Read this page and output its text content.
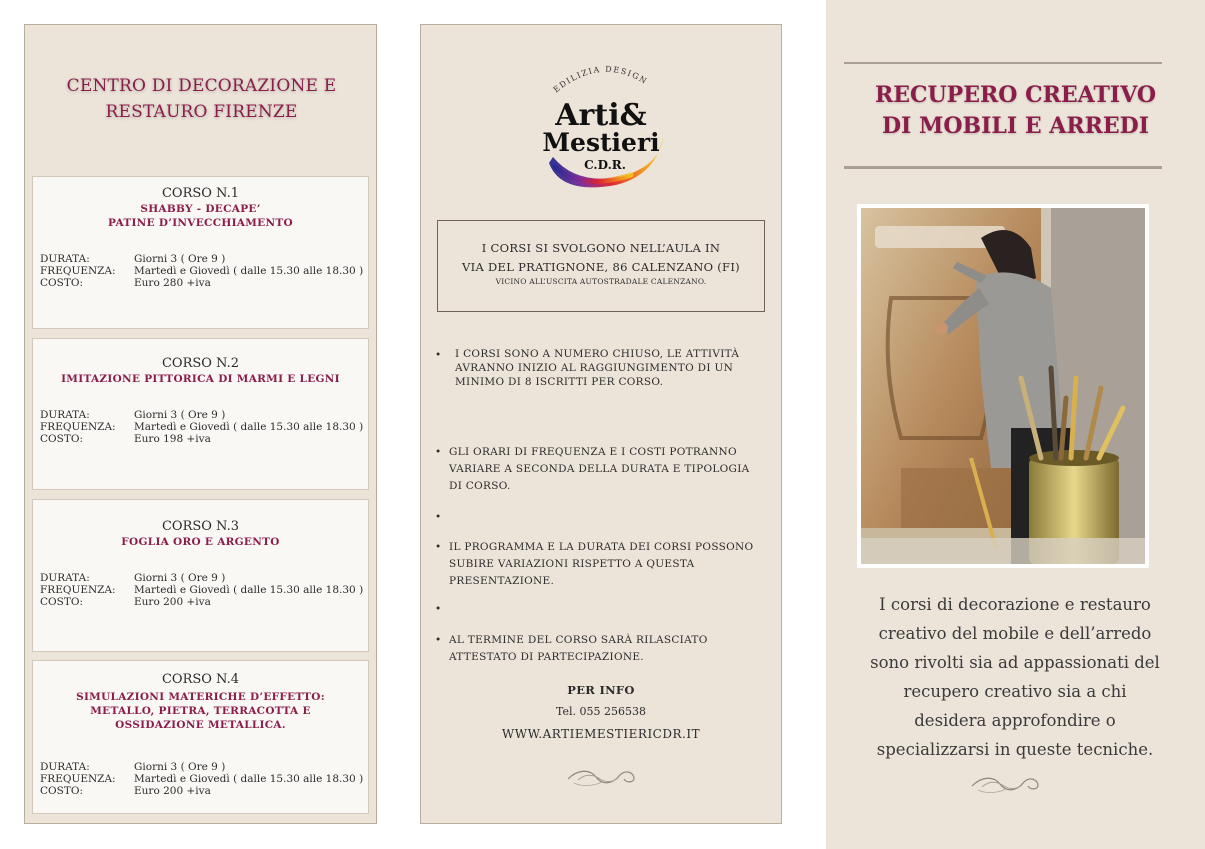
CENTRO DI DECORAZIONE E
RESTAURO FIRENZE
CORSO N.1
SHABBY - DECAPE’
PATINE D’INVECCHIAMENTO
DURATA:	Giorni 3 ( Ore 9 )
FREQUENZA:	Martedì e Giovedì ( dalle 15.30 alle 18.30 )
COSTO:	Euro 280 +iva
CORSO N.2
IMITAZIONE PITTORICA DI MARMI E LEGNI
DURATA:	Giorni 3 ( Ore 9 )
FREQUENZA:	Martedì e Giovedì ( dalle 15.30 alle 18.30 )
COSTO:	Euro 198 +iva
CORSO N.3
FOGLIA ORO E ARGENTO
DURATA:	Giorni 3 ( Ore 9 )
FREQUENZA:	Martedì e Giovedì ( dalle 15.30 alle 18.30 )
COSTO:	Euro 200 +iva
CORSO N.4
SIMULAZIONI MATERICHE D’EFFETTO:
METALLO, PIETRA, TERRACOTTA E
OSSIDAZIONE METALLICA.
DURATA:	Giorni 3 ( Ore 9 )
FREQUENZA:	Martedì e Giovedì ( dalle 15.30 alle 18.30 )
COSTO:	Euro 200 +iva
EDILIZIA DESIGN
Arti&
Mestieri
C.D.R.
I CORSI SI SVOLGONO NELL’AULA IN
VIA DEL PRATIGNONE, 86 CALENZANO (FI)
VICINO ALL’USCITA AUTOSTRADALE CALENZANO.
• I CORSI SONO A NUMERO CHIUSO, LE ATTIVITÀ
AVRANNO INIZIO AL RAGGIUNGIMENTO DI UN
MINIMO DI 8 ISCRITTI PER CORSO.
• GLI ORARI DI FREQUENZA E I COSTI POTRANNO
VARIARE A SECONDA DELLA DURATA E TIPOLOGIA
DI CORSO.
•
• IL PROGRAMMA E LA DURATA DEI CORSI POSSONO
SUBIRE VARIAZIONI RISPETTO A QUESTA
PRESENTAZIONE.
•
• AL TERMINE DEL CORSO SARÀ RILASCIATO
ATTESTATO DI PARTECIPAZIONE.
PER INFO
Tel. 055 256538
WWW.ARTIEMESTIERICDR.IT
RECUPERO CREATIVO
DI MOBILI E ARREDI
I corsi di decorazione e restauro
creativo del mobile e dell’arredo
sono rivolti sia ad appassionati del
recupero creativo sia a chi
desidera approfondire o
specializzarsi in queste tecniche.
